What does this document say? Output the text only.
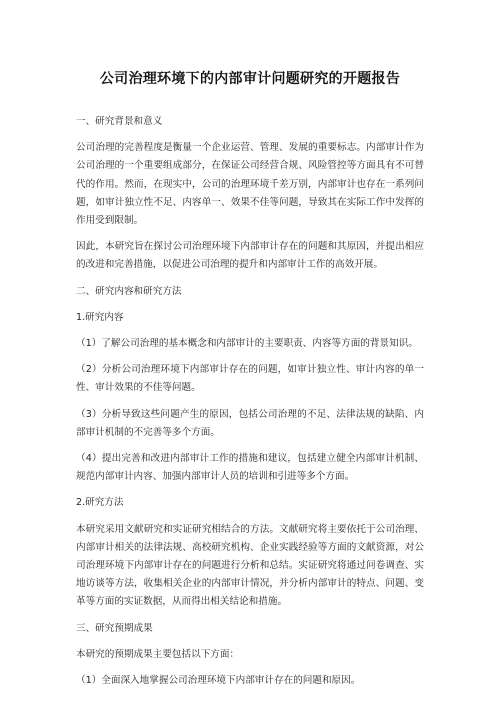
公司治理环境下的内部审计问题研究的开题报告

一、研究背景和意义

公司治理的完善程度是衡量一个企业运营、管理、发展的重要标志。内部审计作为公司治理的一个重要组成部分，在保证公司经营合规、风险管控等方面具有不可替代的作用。然而，在现实中，公司的治理环境千差万别，内部审计也存在一系列问题，如审计独立性不足、内容单一、效果不佳等问题，导致其在实际工作中发挥的作用受到限制。

因此，本研究旨在探讨公司治理环境下内部审计存在的问题和其原因，并提出相应的改进和完善措施，以促进公司治理的提升和内部审计工作的高效开展。

二、研究内容和研究方法

1.研究内容

（1）了解公司治理的基本概念和内部审计的主要职责、内容等方面的背景知识。

（2）分析公司治理环境下内部审计存在的问题，如审计独立性、审计内容的单一性、审计效果的不佳等问题。

（3）分析导致这些问题产生的原因，包括公司治理的不足、法律法规的缺陷、内部审计机制的不完善等多个方面。

（4）提出完善和改进内部审计工作的措施和建议，包括建立健全内部审计机制、规范内部审计内容、加强内部审计人员的培训和引进等多个方面。

2.研究方法

本研究采用文献研究和实证研究相结合的方法。文献研究将主要依托于公司治理、内部审计相关的法律法规、高校研究机构、企业实践经验等方面的文献资源，对公司治理环境下内部审计存在的问题进行分析和总结。实证研究将通过问卷调查、实地访谈等方法，收集相关企业的内部审计情况，并分析内部审计的特点、问题、变革等方面的实证数据，从而得出相关结论和措施。

三、研究预期成果

本研究的预期成果主要包括以下方面：

（1）全面深入地掌握公司治理环境下内部审计存在的问题和原因。
